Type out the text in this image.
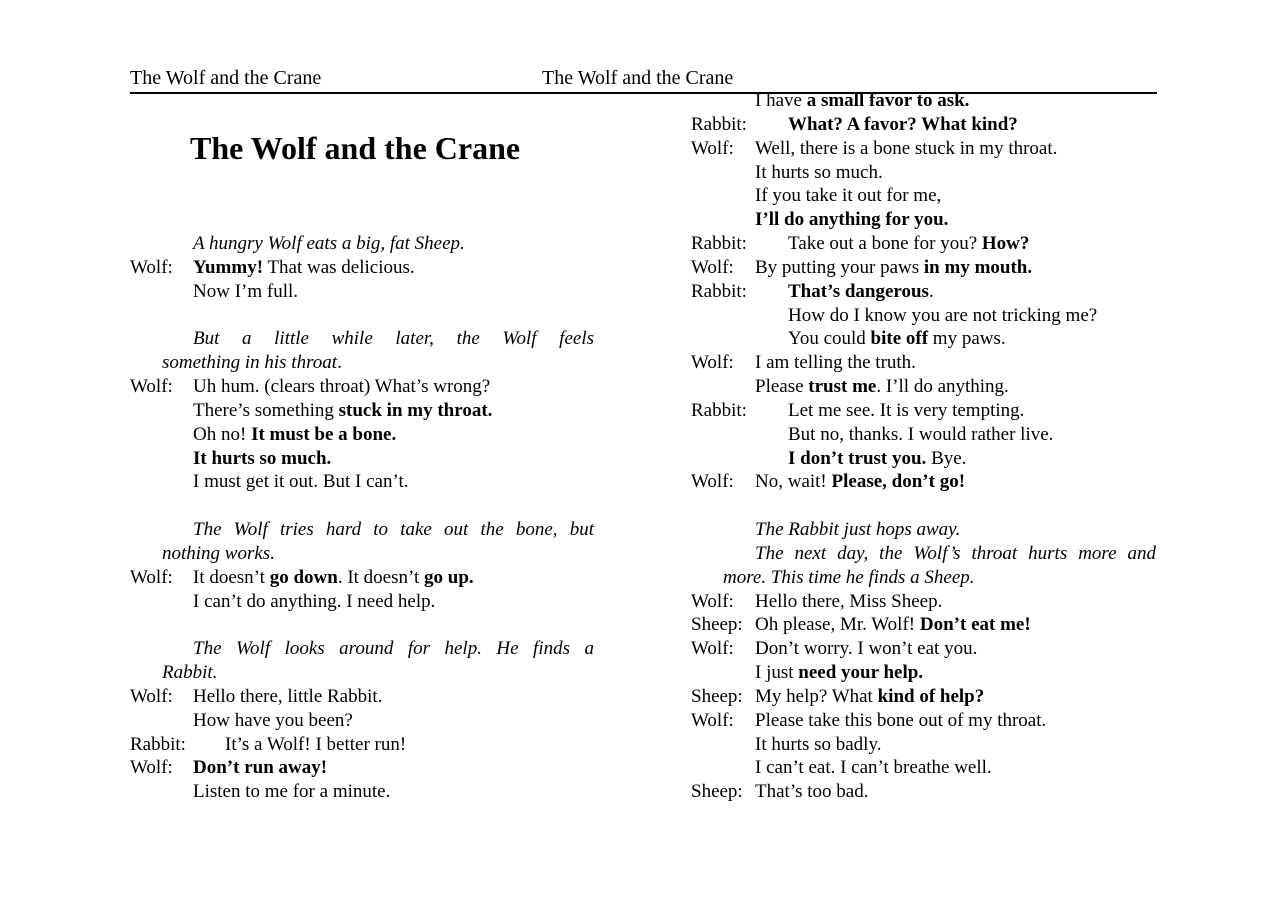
The Wolf and the Crane	The Wolf and the Crane
The Wolf and the Crane
A hungry Wolf eats a big, fat Sheep.
Wolf: Yummy! That was delicious.
Now I’m full.
But a little while later, the Wolf feels
something in his throat.
Wolf: Uh hum. (clears throat) What’s wrong?
There’s something stuck in my throat.
Oh no! It must be a bone.
It hurts so much.
I must get it out. But I can’t.
The Wolf tries hard to take out the bone, but
nothing works.
Wolf: It doesn’t go down. It doesn’t go up.
I can’t do anything. I need help.
The Wolf looks around for help. He finds a
Rabbit.
Wolf: Hello there, little Rabbit.
How have you been?
Rabbit: It’s a Wolf! I better run!
Wolf: Don’t run away!
Listen to me for a minute.
I have a small favor to ask.
Rabbit: What? A favor? What kind?
Wolf: Well, there is a bone stuck in my throat.
It hurts so much.
If you take it out for me,
I’ll do anything for you.
Rabbit: Take out a bone for you? How?
Wolf: By putting your paws in my mouth.
Rabbit: That’s dangerous.
How do I know you are not tricking me?
You could bite off my paws.
Wolf: I am telling the truth.
Please trust me. I’ll do anything.
Rabbit: Let me see. It is very tempting.
But no, thanks. I would rather live.
I don’t trust you. Bye.
Wolf: No, wait! Please, don’t go!
The Rabbit just hops away.
The next day, the Wolf’s throat hurts more and
more. This time he finds a Sheep.
Wolf: Hello there, Miss Sheep.
Sheep: Oh please, Mr. Wolf! Don’t eat me!
Wolf: Don’t worry. I won’t eat you.
I just need your help.
Sheep: My help? What kind of help?
Wolf: Please take this bone out of my throat.
It hurts so badly.
I can’t eat. I can’t breathe well.
Sheep: That’s too bad.
